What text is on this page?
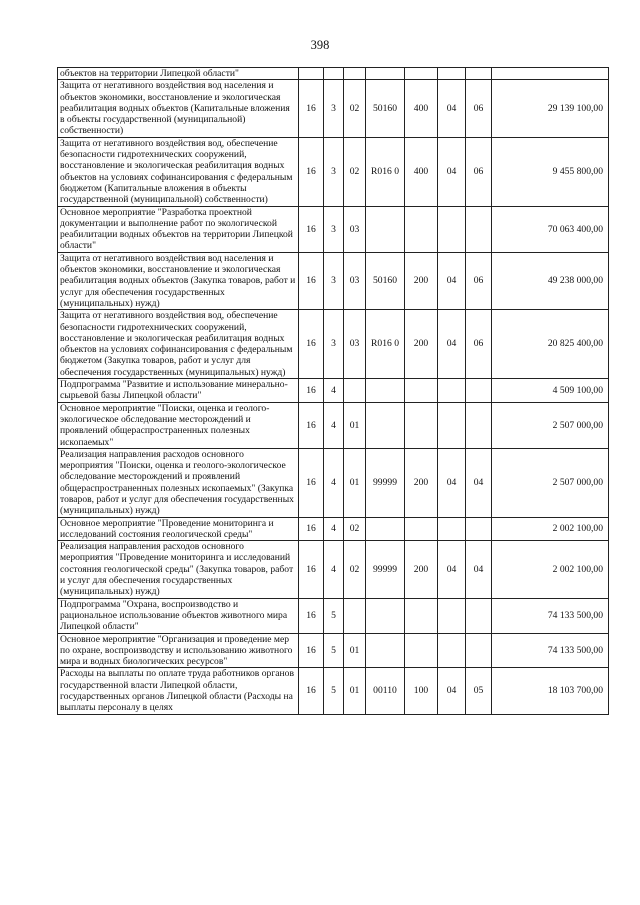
398
объектов на территории Липецкой области"								
Защита от негативного воздействия вод населения и объектов экономики, восстановление и экологическая реабилитация водных объектов (Капитальные вложения в объекты государственной (муниципальной) собственности)	16	3	02	50160	400	04	06	29 139 100,00
Защита от негативного воздействия вод, обеспечение безопасности гидротехнических сооружений, восстановление и экологическая реабилитация водных объектов на условиях софинансирования с федеральным бюджетом (Капитальные вложения в объекты государственной (муниципальной) собственности)	16	3	02	R016 0	400	04	06	9 455 800,00
Основное мероприятие "Разработка проектной документации и выполнение работ по экологической реабилитации водных объектов на территории Липецкой области"	16	3	03					70 063 400,00
Защита от негативного воздействия вод населения и объектов экономики, восстановление и экологическая реабилитация водных объектов (Закупка товаров, работ и услуг для обеспечения государственных (муниципальных) нужд)	16	3	03	50160	200	04	06	49 238 000,00
Защита от негативного воздействия вод, обеспечение безопасности гидротехнических сооружений, восстановление и экологическая реабилитация водных объектов на условиях софинансирования с федеральным бюджетом (Закупка товаров, работ и услуг для обеспечения государственных (муниципальных) нужд)	16	3	03	R016 0	200	04	06	20 825 400,00
Подпрограмма "Развитие и использование минерально-сырьевой базы Липецкой области"	16	4						4 509 100,00
Основное мероприятие "Поиски, оценка и геолого-экологическое обследование месторождений и проявлений общераспространенных полезных ископаемых"	16	4	01					2 507 000,00
Реализация направления расходов основного мероприятия "Поиски, оценка и геолого-экологическое обследование месторождений и проявлений общераспространенных полезных ископаемых" (Закупка товаров, работ и услуг для обеспечения государственных (муниципальных) нужд)	16	4	01	99999	200	04	04	2 507 000,00
Основное мероприятие "Проведение мониторинга и исследований состояния геологической среды"	16	4	02					2 002 100,00
Реализация направления расходов основного мероприятия "Проведение мониторинга и исследований состояния геологической среды" (Закупка товаров, работ и услуг для обеспечения государственных (муниципальных) нужд)	16	4	02	99999	200	04	04	2 002 100,00
Подпрограмма "Охрана, воспроизводство и рациональное использование объектов животного мира Липецкой области"	16	5						74 133 500,00
Основное мероприятие "Организация и проведение мер по охране, воспроизводству и использованию животного мира и водных биологических ресурсов"	16	5	01					74 133 500,00
Расходы на выплаты по оплате труда работников органов государственной власти Липецкой области, государственных органов Липецкой области (Расходы на выплаты персоналу в целях	16	5	01	00110	100	04	05	18 103 700,00
